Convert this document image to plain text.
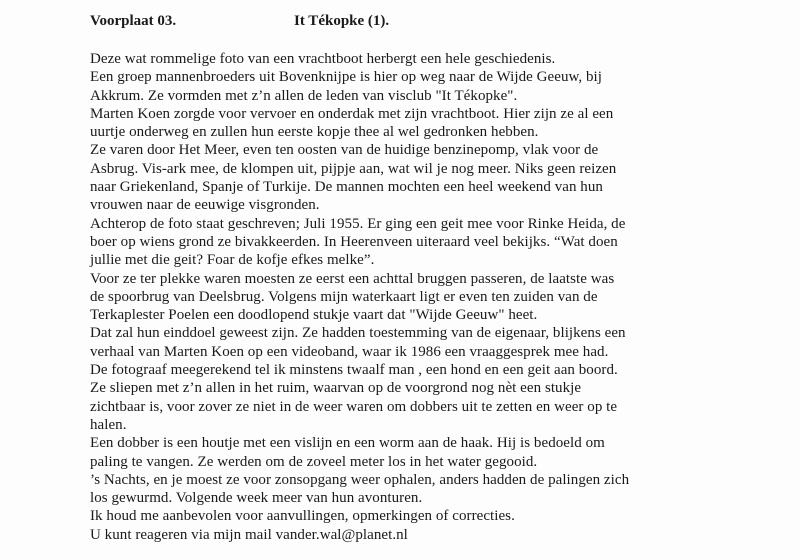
Voorplaat 03.	It Tékopke (1).
Deze wat rommelige foto van een vrachtboot herbergt een hele geschiedenis.
Een groep mannenbroeders uit Bovenknijpe is hier op weg naar de Wijde Geeuw, bij
Akkrum. Ze vormden met z’n allen de leden van visclub "It Tékopke".
Marten Koen zorgde voor vervoer en onderdak met zijn vrachtboot. Hier zijn ze al een
uurtje onderweg en zullen hun eerste kopje thee al wel gedronken hebben.
Ze varen door Het Meer, even ten oosten van de huidige benzinepomp, vlak voor de
Asbrug. Vis-ark mee, de klompen uit, pijpje aan, wat wil je nog meer. Niks geen reizen
naar Griekenland, Spanje of Turkije. De mannen mochten een heel weekend van hun
vrouwen naar de eeuwige visgronden.
Achterop de foto staat geschreven; Juli 1955. Er ging een geit mee voor Rinke Heida, de
boer op wiens grond ze bivakkeerden. In Heerenveen uiteraard veel bekijks. “Wat doen
jullie met die geit? Foar de kofje efkes melke”.
Voor ze ter plekke waren moesten ze eerst een achttal bruggen passeren, de laatste was
de spoorbrug van Deelsbrug. Volgens mijn waterkaart ligt er even ten zuiden van de
Terkaplester Poelen een doodlopend stukje vaart dat "Wijde Geeuw" heet.
Dat zal hun einddoel geweest zijn. Ze hadden toestemming van de eigenaar, blijkens een
verhaal van Marten Koen op een videoband, waar ik 1986 een vraaggesprek mee had.
De fotograaf meegerekend tel ik minstens twaalf man , een hond en een geit aan boord.
Ze sliepen met z’n allen in het ruim, waarvan op de voorgrond nog nèt een stukje
zichtbaar is, voor zover ze niet in de weer waren om dobbers uit te zetten en weer op te
halen.
Een dobber is een houtje met een vislijn en een worm aan de haak. Hij is bedoeld om
paling te vangen. Ze werden om de zoveel meter los in het water gegooid.
’s Nachts, en je moest ze voor zonsopgang weer ophalen, anders hadden de palingen zich
los gewurmd. Volgende week meer van hun avonturen.
Ik houd me aanbevolen voor aanvullingen, opmerkingen of correcties.
U kunt reageren via mijn mail vander.wal@planet.nl
